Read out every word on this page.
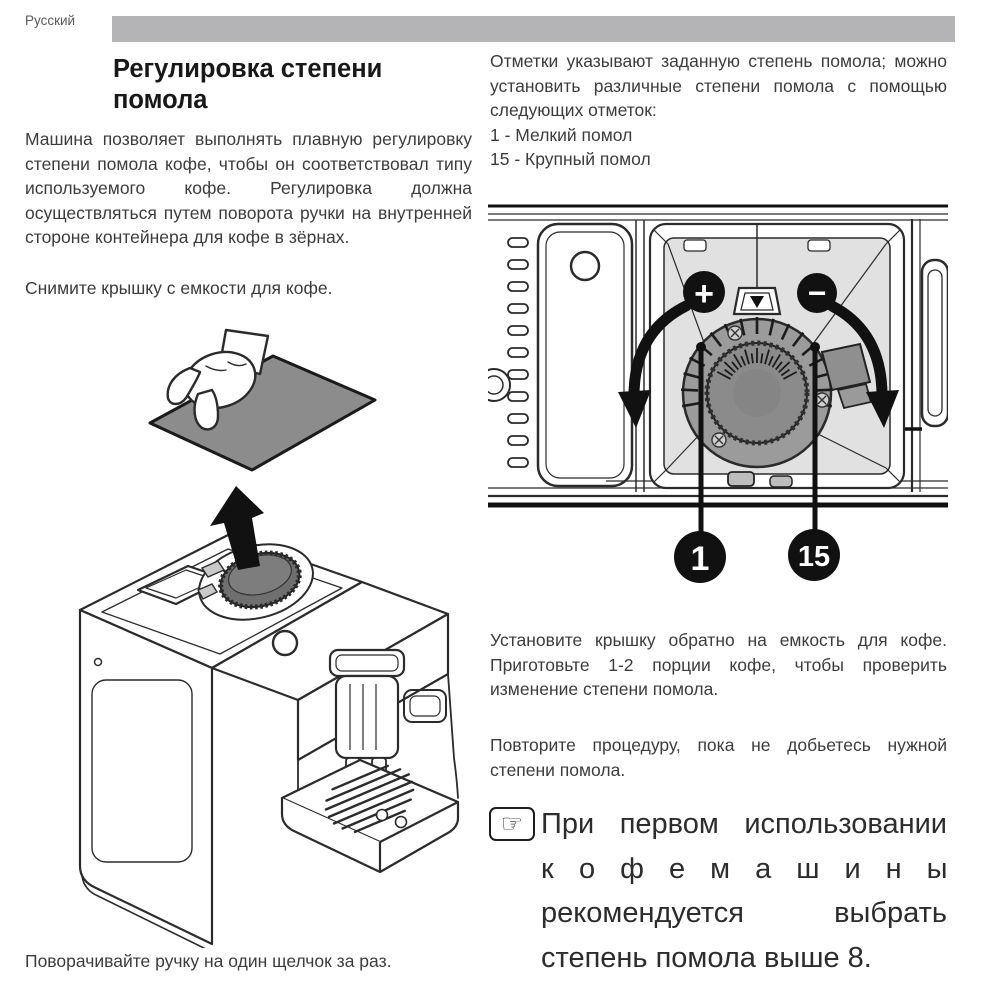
Русский
Регулировка степени помола
Машина позволяет выполнять плавную регулировку степени помола кофе, чтобы он соответствовал типу используемого кофе. Регулировка должна осуществляться путем поворота ручки на внутренней стороне контейнера для кофе в зёрнах.
Снимите крышку с емкости для кофе.
Поворачивайте ручку на один щелчок за раз.
Отметки указывают заданную степень помола; можно установить различные степени помола с помощью следующих отметок:
1 - Мелкий помол
15 - Крупный помол
+	−
1	15
Установите крышку обратно на емкость для кофе. Приготовьте 1-2 порции кофе, чтобы проверить изменение степени помола.
Повторите процедуру, пока не добьетесь нужной степени помола.
☞ При первом использовании
кофемашины
рекомендуется выбрать
степень помола выше 8.
